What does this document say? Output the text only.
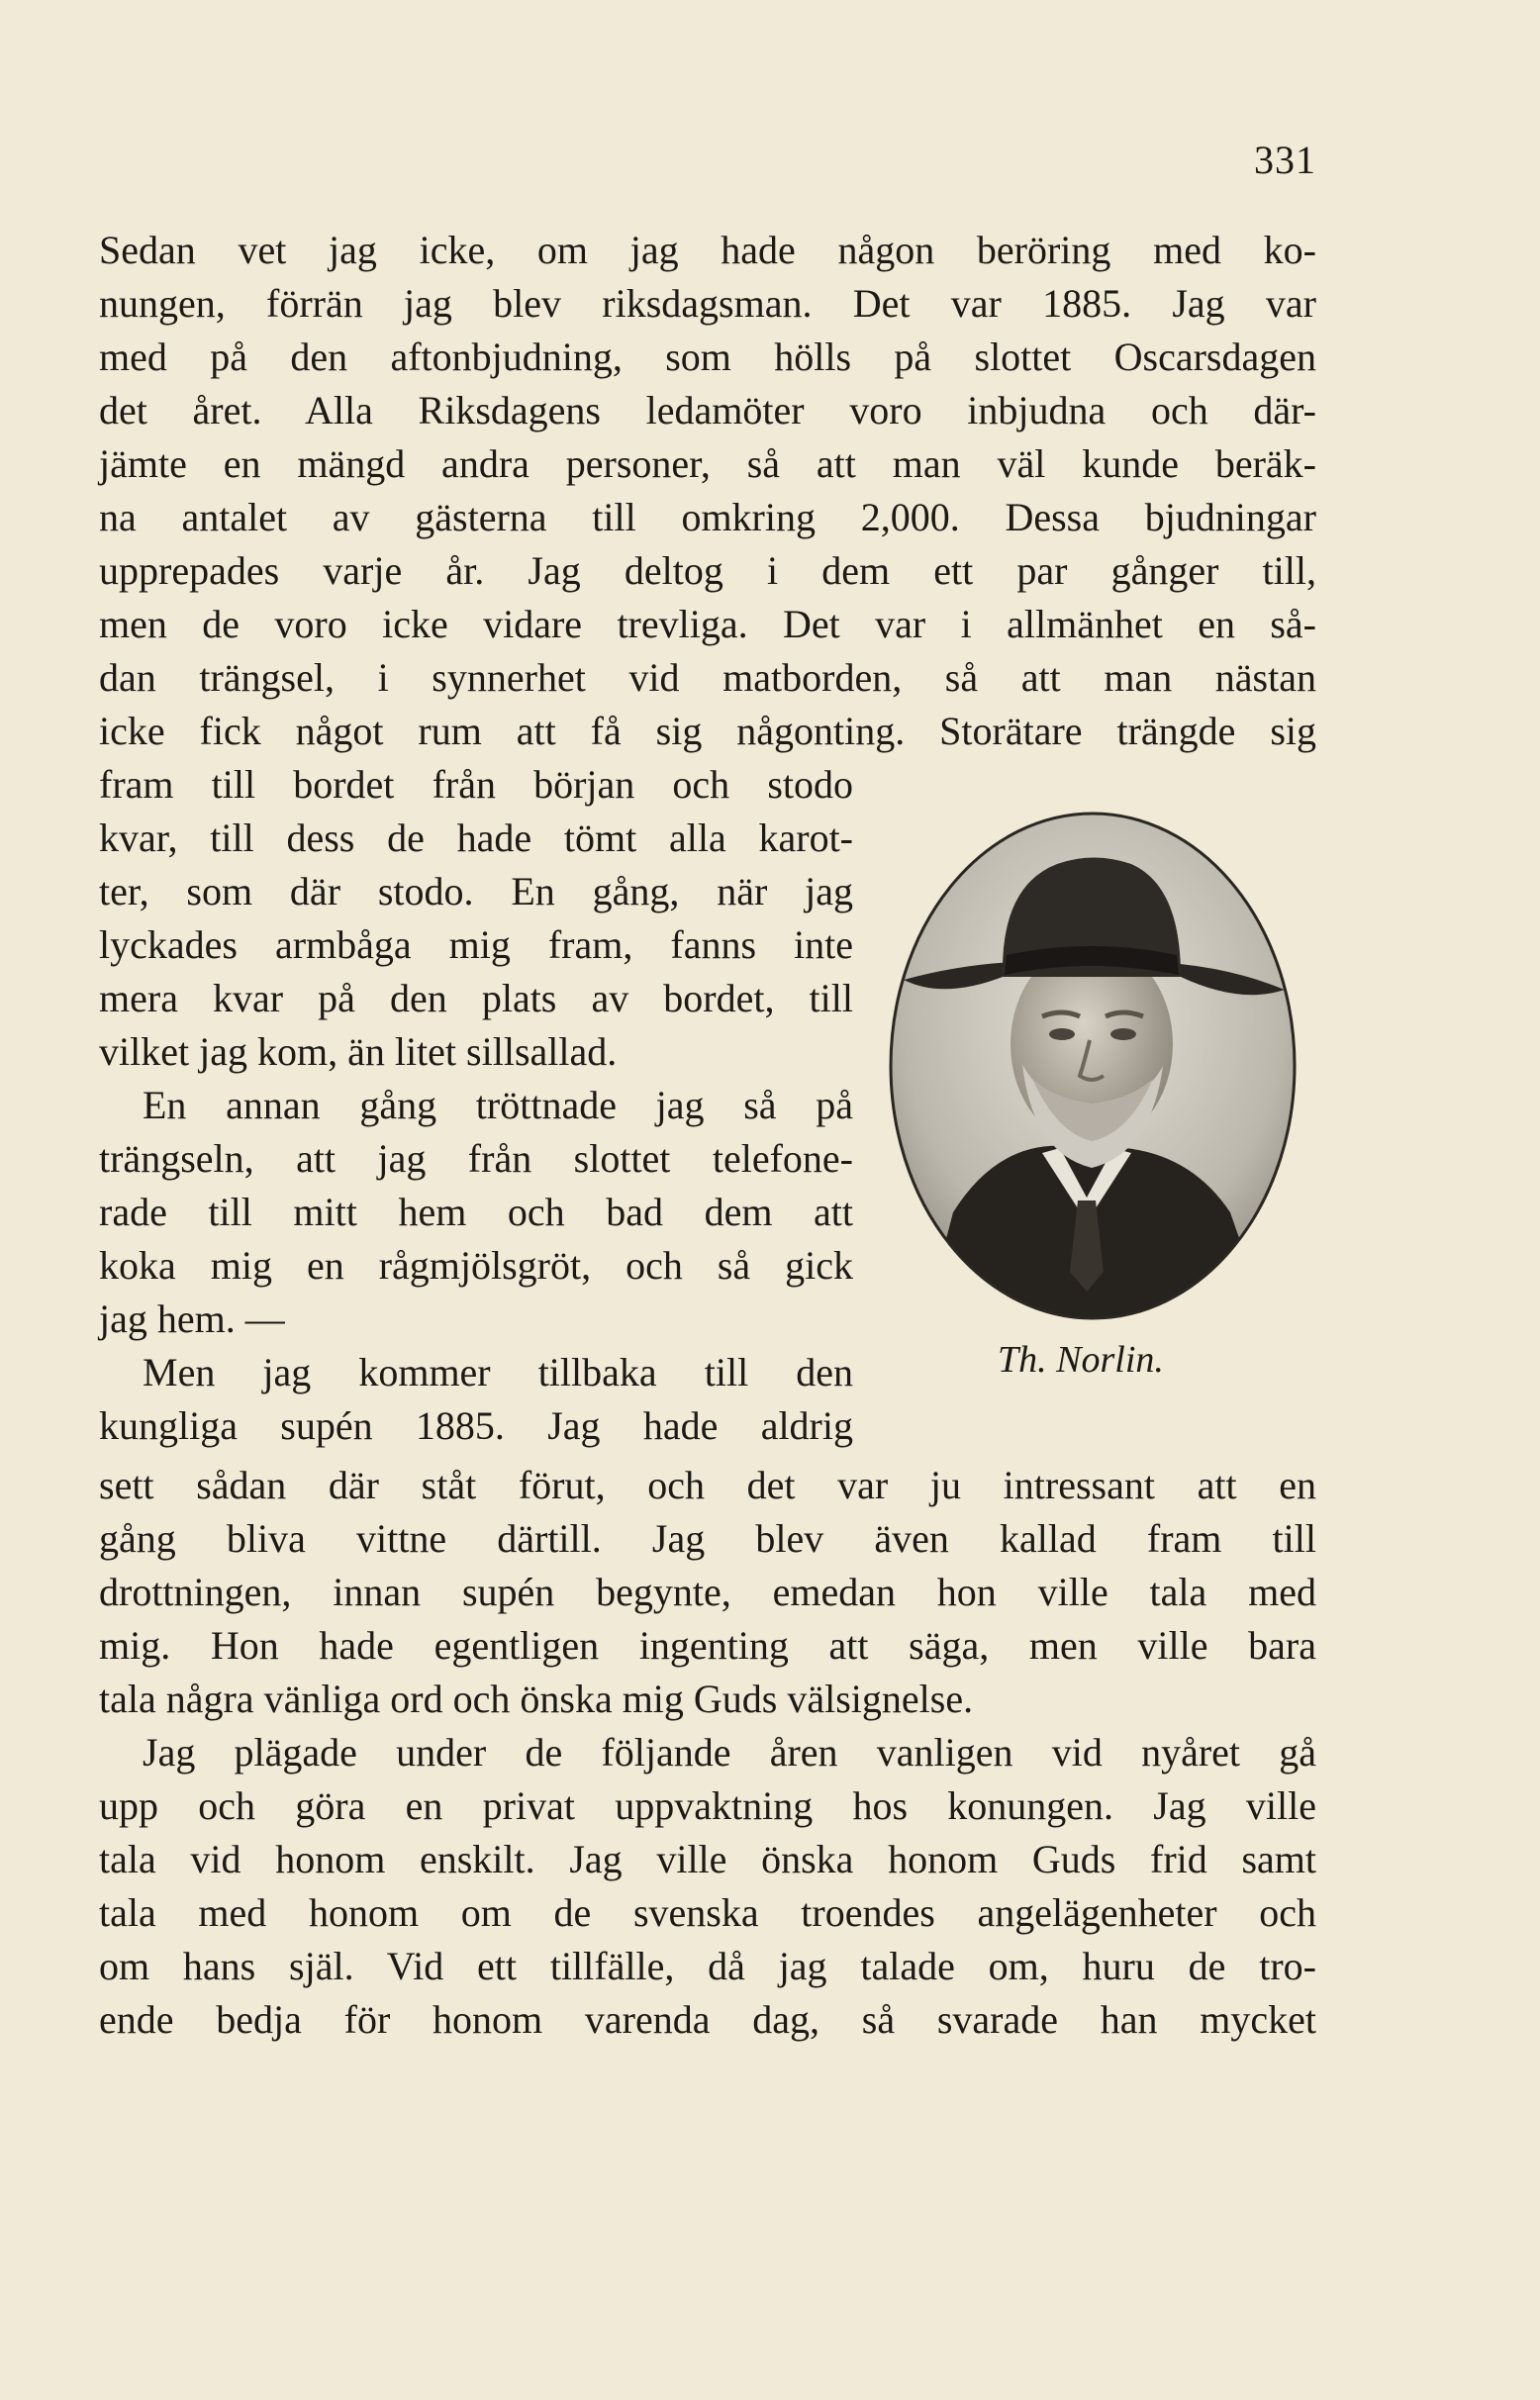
331
Sedan vet jag icke, om jag hade någon beröring med ko-
nungen, förrän jag blev riksdagsman. Det var 1885. Jag var
med på den aftonbjudning, som hölls på slottet Oscarsdagen
det året. Alla Riksdagens ledamöter voro inbjudna och där-
jämte en mängd andra personer, så att man väl kunde beräk-
na antalet av gästerna till omkring 2,000. Dessa bjudningar
upprepades varje år. Jag deltog i dem ett par gånger till,
men de voro icke vidare trevliga. Det var i allmänhet en så-
dan trängsel, i synnerhet vid matborden, så att man nästan
icke fick något rum att få sig någonting. Storätare trängde sig
fram till bordet från början och stodo
kvar, till dess de hade tömt alla karot-
ter, som där stodo. En gång, när jag
lyckades armbåga mig fram, fanns inte
mera kvar på den plats av bordet, till
vilket jag kom, än litet sillsallad.
En annan gång tröttnade jag så på
trängseln, att jag från slottet telefone-
rade till mitt hem och bad dem att
koka mig en rågmjölsgröt, och så gick
jag hem. —
Men jag kommer tillbaka till den
kungliga supén 1885. Jag hade aldrig
Th. Norlin.
sett sådan där ståt förut, och det var ju intressant att en
gång bliva vittne därtill. Jag blev även kallad fram till
drottningen, innan supén begynte, emedan hon ville tala med
mig. Hon hade egentligen ingenting att säga, men ville bara
tala några vänliga ord och önska mig Guds välsignelse.
Jag plägade under de följande åren vanligen vid nyåret gå
upp och göra en privat uppvaktning hos konungen. Jag ville
tala vid honom enskilt. Jag ville önska honom Guds frid samt
tala med honom om de svenska troendes angelägenheter och
om hans själ. Vid ett tillfälle, då jag talade om, huru de tro-
ende bedja för honom varenda dag, så svarade han mycket
